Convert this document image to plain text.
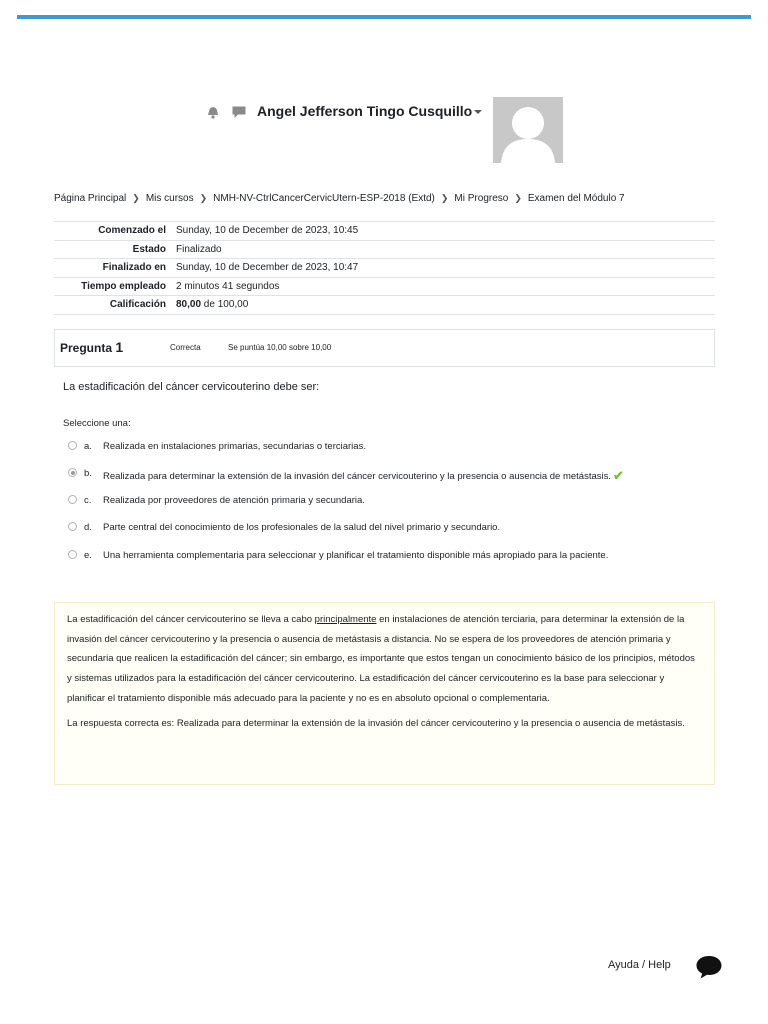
Angel Jefferson Tingo Cusquillo
Página Principal ❯ Mis cursos ❯ NMH-NV-CtrlCancerCervicUtern-ESP-2018 (Extd) ❯ Mi Progreso ❯ Examen del Módulo 7
Comenzado el	Sunday, 10 de December de 2023, 10:45
Estado	Finalizado
Finalizado en	Sunday, 10 de December de 2023, 10:47
Tiempo empleado	2 minutos 41 segundos
Calificación	80,00 de 100,00
Pregunta 1	Correcta	Se puntúa 10,00 sobre 10,00
La estadificación del cáncer cervicouterino debe ser:
Seleccione una:
a. Realizada en instalaciones primarias, secundarias o terciarias.
b. Realizada para determinar la extensión de la invasión del cáncer cervicouterino y la presencia o ausencia de metástasis. ✔
c. Realizada por proveedores de atención primaria y secundaria.
d. Parte central del conocimiento de los profesionales de la salud del nivel primario y secundario.
e. Una herramienta complementaria para seleccionar y planificar el tratamiento disponible más apropiado para la paciente.

La estadificación del cáncer cervicouterino se lleva a cabo principalmente en instalaciones de atención terciaria, para determinar la extensión de la invasión del cáncer cervicouterino y la presencia o ausencia de metástasis a distancia. No se espera de los proveedores de atención primaria y secundaria que realicen la estadificación del cáncer; sin embargo, es importante que estos tengan un conocimiento básico de los principios, métodos y sistemas utilizados para la estadificación del cáncer cervicouterino. La estadificación del cáncer cervicouterino es la base para seleccionar y planificar el tratamiento disponible más adecuado para la paciente y no es en absoluto opcional o complementaria.

La respuesta correcta es: Realizada para determinar la extensión de la invasión del cáncer cervicouterino y la presencia o ausencia de metástasis.

Ayuda / Help
